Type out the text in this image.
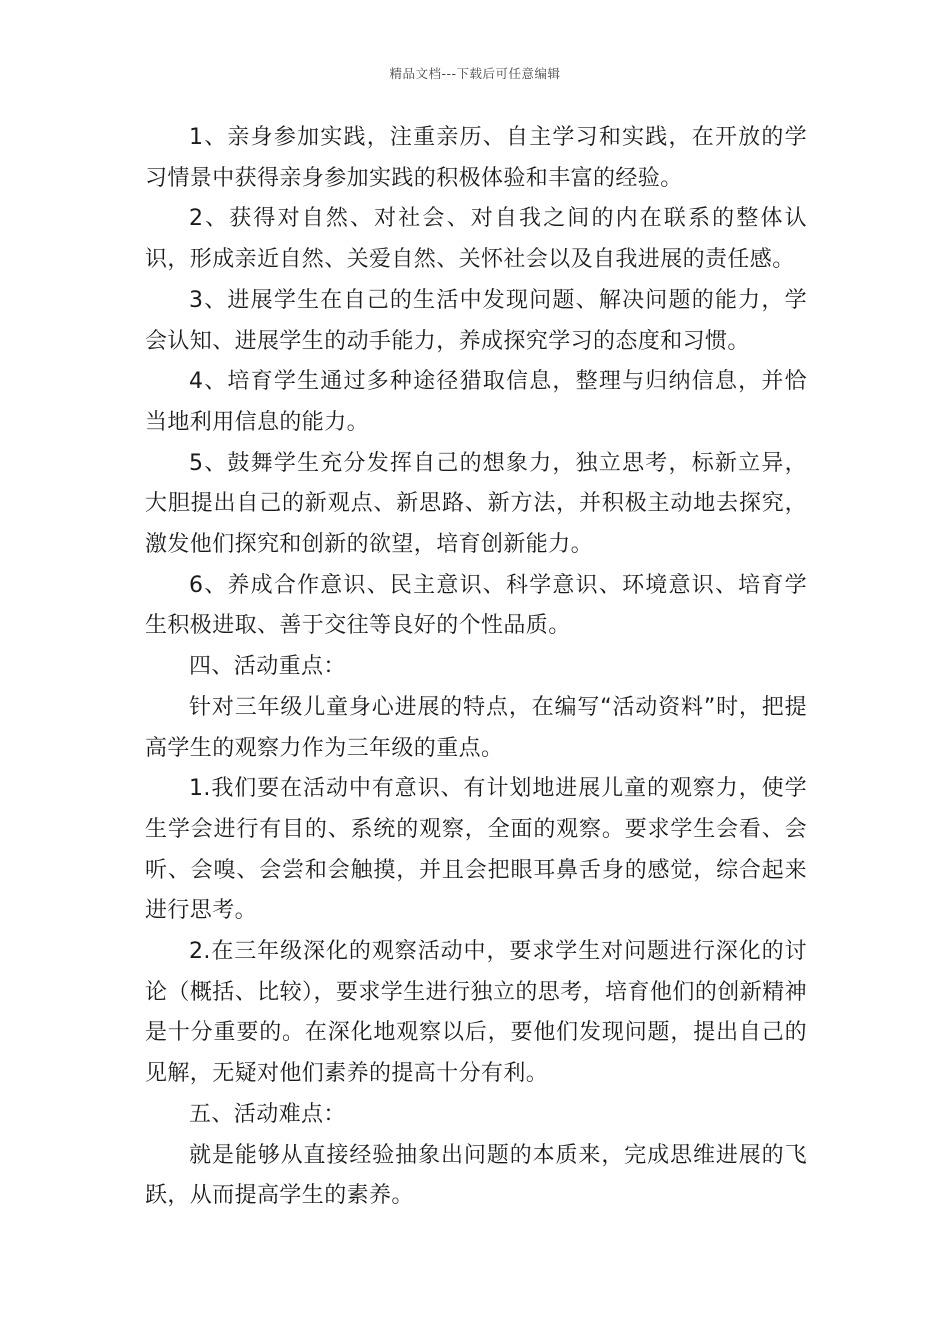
精品文档---下载后可任意编辑

1、亲身参加实践，注重亲历、自主学习和实践，在开放的学习情景中获得亲身参加实践的积极体验和丰富的经验。

2、获得对自然、对社会、对自我之间的内在联系的整体认识，形成亲近自然、关爱自然、关怀社会以及自我进展的责任感。

3、进展学生在自己的生活中发现问题、解决问题的能力，学会认知、进展学生的动手能力，养成探究学习的态度和习惯。

4、培育学生通过多种途径猎取信息，整理与归纳信息，并恰当地利用信息的能力。

5、鼓舞学生充分发挥自己的想象力，独立思考，标新立异，大胆提出自己的新观点、新思路、新方法，并积极主动地去探究，激发他们探究和创新的欲望，培育创新能力。

6、养成合作意识、民主意识、科学意识、环境意识、培育学生积极进取、善于交往等良好的个性品质。

四、活动重点：

针对三年级儿童身心进展的特点，在编写“活动资料”时，把提高学生的观察力作为三年级的重点。

1.我们要在活动中有意识、有计划地进展儿童的观察力，使学生学会进行有目的、系统的观察，全面的观察。要求学生会看、会听、会嗅、会尝和会触摸，并且会把眼耳鼻舌身的感觉，综合起来进行思考。

2.在三年级深化的观察活动中，要求学生对问题进行深化的讨论（概括、比较），要求学生进行独立的思考，培育他们的创新精神是十分重要的。在深化地观察以后，要他们发现问题，提出自己的见解，无疑对他们素养的提高十分有利。

五、活动难点：

就是能够从直接经验抽象出问题的本质来，完成思维进展的飞跃，从而提高学生的素养。
